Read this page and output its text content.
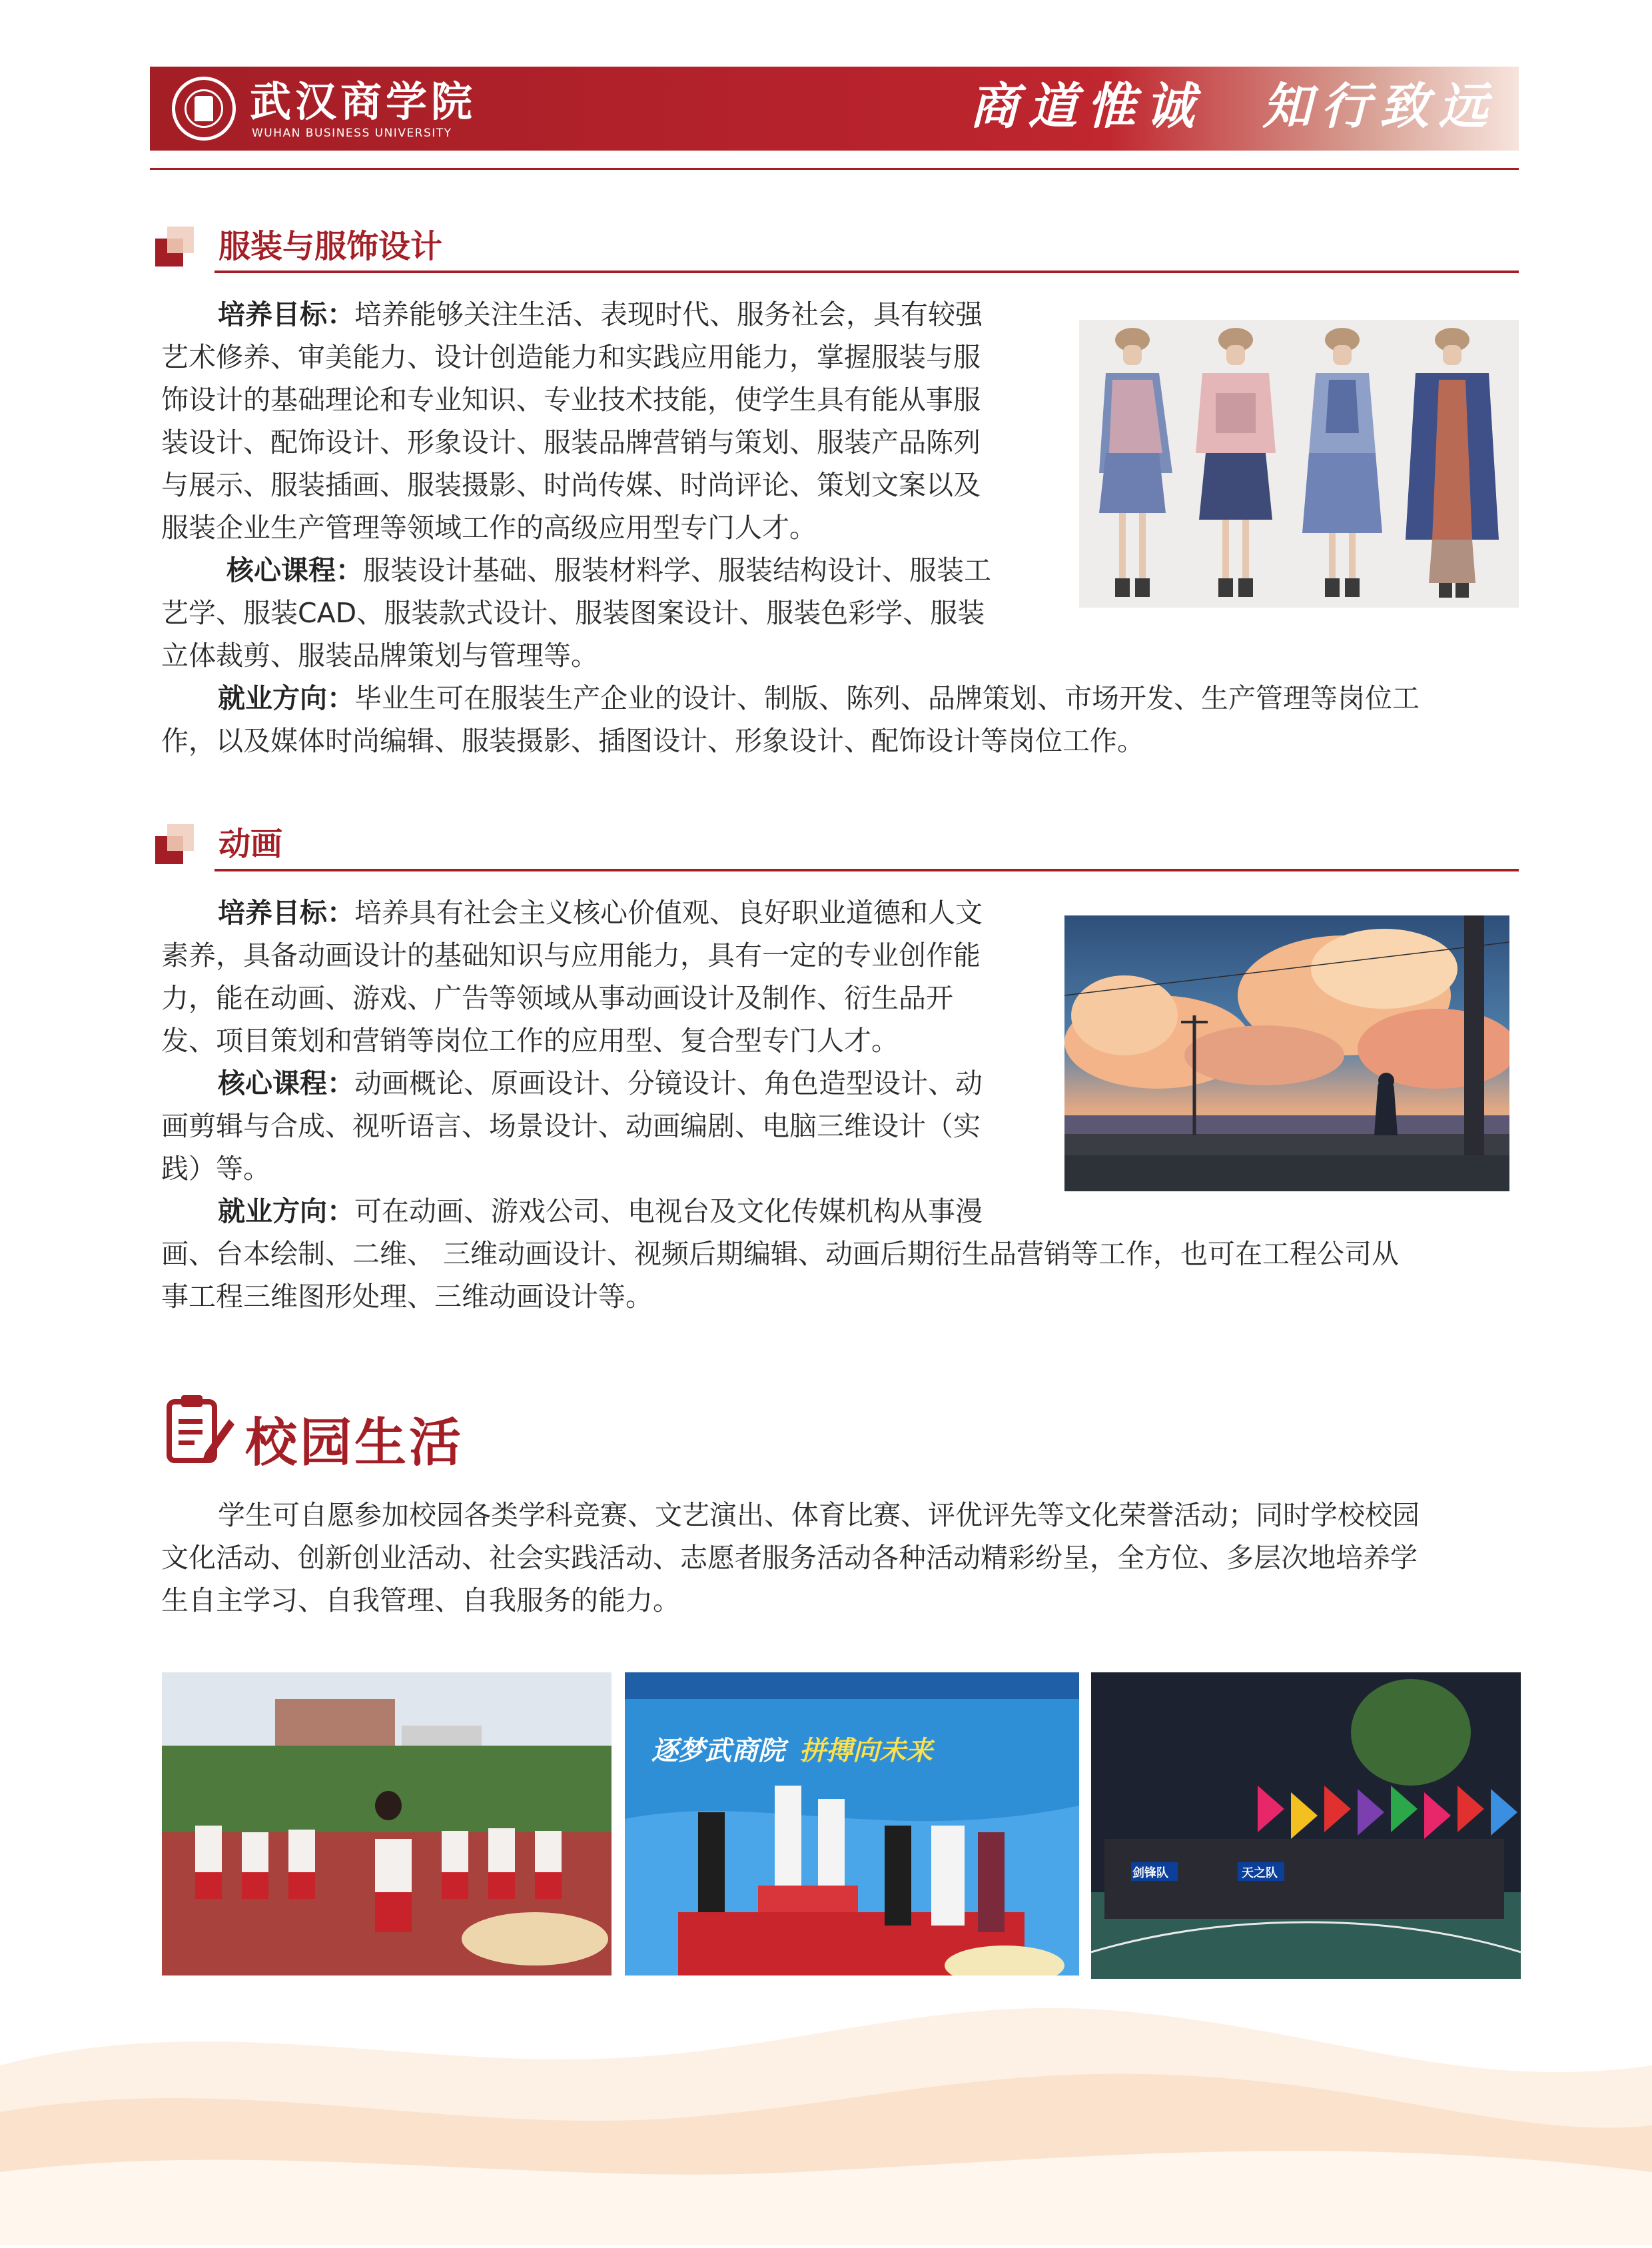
武汉商学院
WUHAN BUSINESS UNIVERSITY	商道惟诚　知行致远
服装与服饰设计
培养目标：培养能够关注生活、表现时代、服务社会，具有较强
艺术修养、审美能力、设计创造能力和实践应用能力，掌握服装与服
饰设计的基础理论和专业知识、专业技术技能，使学生具有能从事服
装设计、配饰设计、形象设计、服装品牌营销与策划、服装产品陈列
与展示、服装插画、服装摄影、时尚传媒、时尚评论、策划文案以及
服装企业生产管理等领域工作的高级应用型专门人才。
核心课程：服装设计基础、服装材料学、服装结构设计、服装工
艺学、服装CAD、服装款式设计、服装图案设计、服装色彩学、服装
立体裁剪、服装品牌策划与管理等。
就业方向：毕业生可在服装生产企业的设计、制版、陈列、品牌策划、市场开发、生产管理等岗位工
作，以及媒体时尚编辑、服装摄影、插图设计、形象设计、配饰设计等岗位工作。
动画
培养目标：培养具有社会主义核心价值观、良好职业道德和人文
素养，具备动画设计的基础知识与应用能力，具有一定的专业创作能
力，能在动画、游戏、广告等领域从事动画设计及制作、衍生品开
发、项目策划和营销等岗位工作的应用型、复合型专门人才。
核心课程：动画概论、原画设计、分镜设计、角色造型设计、动
画剪辑与合成、视听语言、场景设计、动画编剧、电脑三维设计（实
践）等。
就业方向：可在动画、游戏公司、电视台及文化传媒机构从事漫
画、台本绘制、二维、 三维动画设计、视频后期编辑、动画后期衍生品营销等工作，也可在工程公司从
事工程三维图形处理、三维动画设计等。
校园生活
学生可自愿参加校园各类学科竞赛、文艺演出、体育比赛、评优评先等文化荣誉活动；同时学校校园
文化活动、创新创业活动、社会实践活动、志愿者服务活动各种活动精彩纷呈，全方位、多层次地培养学
生自主学习、自我管理、自我服务的能力。
逐梦武商院 拼搏向未来
剑锋队	天之队
